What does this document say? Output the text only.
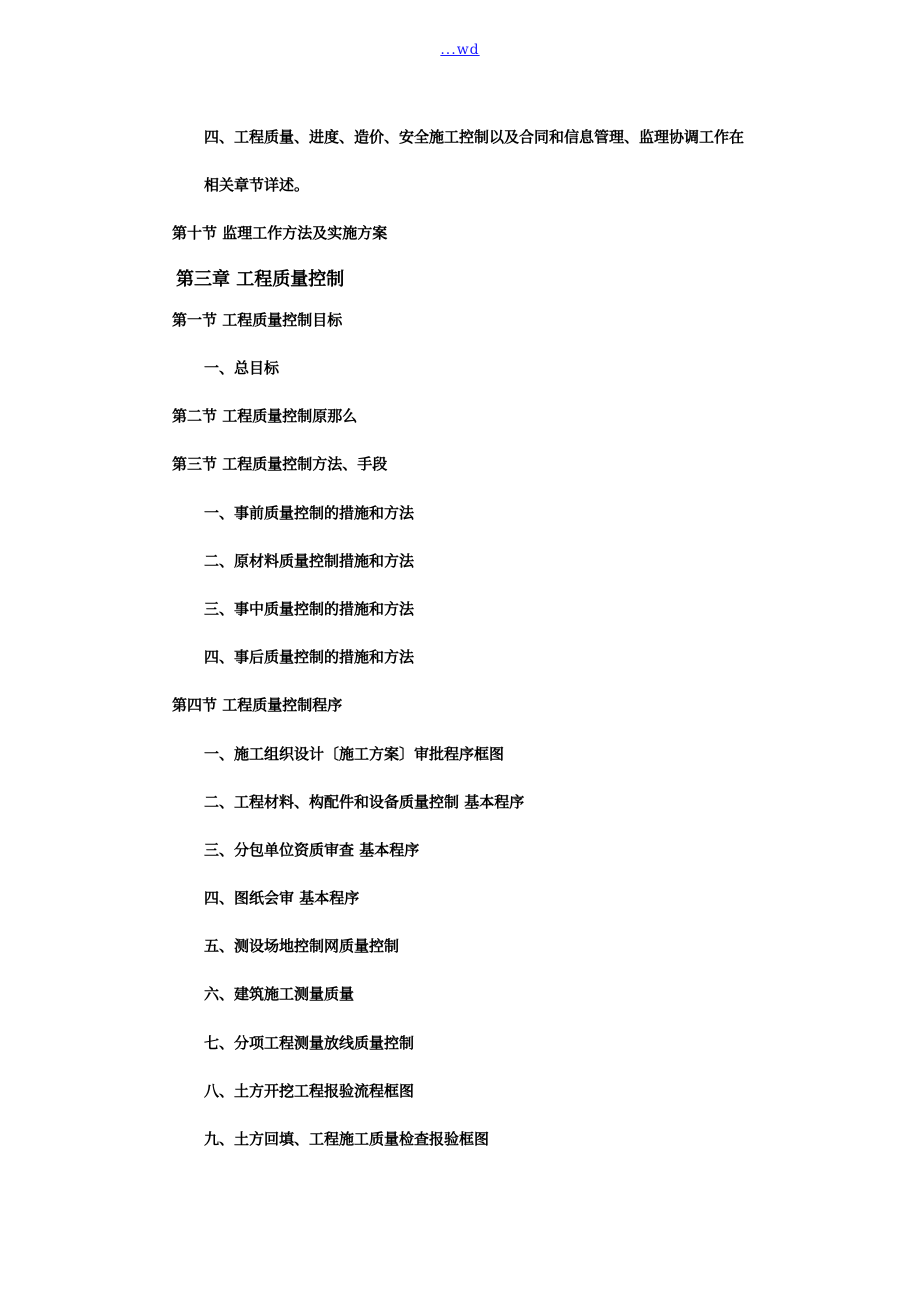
...wd
四、工程质量、进度、造价、安全施工控制以及合同和信息管理、监理协调工作在
相关章节详述。
第十节 监理工作方法及实施方案
第三章 工程质量控制
第一节 工程质量控制目标
一、总目标
第二节 工程质量控制原那么
第三节 工程质量控制方法、手段
一、事前质量控制的措施和方法
二、原材料质量控制措施和方法
三、事中质量控制的措施和方法
四、事后质量控制的措施和方法
第四节 工程质量控制程序
一、施工组织设计〔施工方案〕审批程序框图
二、工程材料、构配件和设备质量控制 基本程序
三、分包单位资质审查 基本程序
四、图纸会审 基本程序
五、测设场地控制网质量控制
六、建筑施工测量质量
七、分项工程测量放线质量控制
八、土方开挖工程报验流程框图
九、土方回填、工程施工质量检查报验框图
